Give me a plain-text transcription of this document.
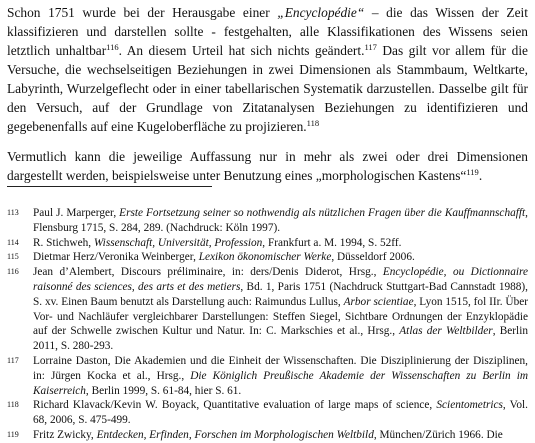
Schon 1751 wurde bei der Herausgabe einer „Encyclopédie“ – die das Wissen der Zeit klassifizieren und darstellen sollte - festgehalten, alle Klassifikationen des Wissens seien letztlich unhaltbar$^{116}$. An diesem Urteil hat sich nichts geändert.$^{117}$ Das gilt vor allem für die Versuche, die wechselseitigen Beziehungen in zwei Dimensionen als Stammbaum, Weltkarte, Labyrinth, Wurzelgeflecht oder in einer tabellarischen Systematik darzustellen. Dasselbe gilt für den Versuch, auf der Grundlage von Zitatanalysen Beziehungen zu identifizieren und gegebenenfalls auf eine Kugeloberfläche zu projizieren.$^{118}$

Vermutlich kann die jeweilige Auffassung nur in mehr als zwei oder drei Dimensionen dargestellt werden, beispielsweise unter Benutzung eines „morphologischen Kastens“$^{119}$.

113	Paul J. Marperger, Erste Fortsetzung seiner so nothwendig als nützlichen Fragen über die Kauffmannschafft, Flensburg 1715, S. 284, 289. (Nachdruck: Köln 1997).
114	R. Stichweh, Wissenschaft, Universität, Profession, Frankfurt a. M. 1994, S. 52ff.
115	Dietmar Herz/Veronika Weinberger, Lexikon ökonomischer Werke, Düsseldorf 2006.
116	Jean d’Alembert, Discours préliminaire, in: ders/Denis Diderot, Hrsg., Encyclopédie, ou Dictionnaire raisonné des sciences, des arts et des metiers, Bd. 1, Paris 1751 (Nachdruck Stuttgart-Bad Cannstadt 1988), S. xv. Einen Baum benutzt als Darstellung auch: Raimundus Lullus, Arbor scientiae, Lyon 1515, fol IIr. Über Vor- und Nachläufer vergleichbarer Darstellungen: Steffen Siegel, Sichtbare Ordnungen der Enzyklopädie auf der Schwelle zwischen Kultur und Natur. In: C. Markschies et al., Hrsg., Atlas der Weltbilder, Berlin 2011, S. 280-293.
117	Lorraine Daston, Die Akademien und die Einheit der Wissenschaften. Die Disziplinierung der Disziplinen, in: Jürgen Kocka et al., Hrsg., Die Königlich Preußische Akademie der Wissenschaften zu Berlin im Kaiserreich, Berlin 1999, S. 61-84, hier S. 61.
118	Richard Klavack/Kevin W. Boyack, Quantitative evaluation of large maps of science, Scientometrics, Vol. 68, 2006, S. 475-499.
119	Fritz Zwicky, Entdecken, Erfinden, Forschen im Morphologischen Weltbild, München/Zürich 1966. Die
